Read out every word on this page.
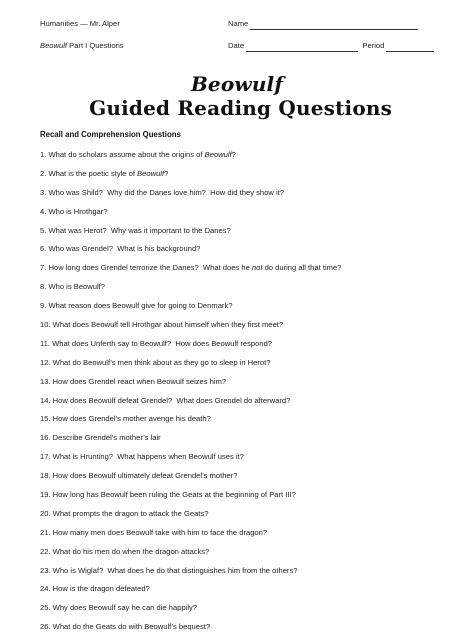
Humanities — Mr. Alper
Beowulf Part I Questions
Name
Date	Period
Beowulf Guided Reading Questions
Recall and Comprehension Questions
1. What do scholars assume about the origins of Beowulf?
2. What is the poetic style of Beowulf?
3. Who was Shild?  Why did the Danes love him?  How did they show it?
4. Who is Hrothgar?
5. What was Herot?  Why was it important to the Danes?
6. Who was Grendel?  What is his background?
7. How long does Grendel terrorize the Danes?  What does he not do during all that time?
8. Who is Beowulf?
9. What reason does Beowulf give for going to Denmark?
10. What does Beowulf tell Hrothgar about himself when they first meet?
11. What does Unferth say to Beowulf?  How does Beowulf respond?
12. What do Beowulf’s men think about as they go to sleep in Herot?
13. How does Grendel react when Beowulf seizes him?
14. How does Beowulf defeat Grendel?  What does Grendel do afterward?
15. How does Grendel’s mother avenge his death?
16. Describe Grendel’s mother’s lair
17. What is Hrunting?  What happens when Beowulf uses it?
18. How does Beowulf ultimately defeat Grendel’s mother?
19. How long has Beowulf been ruling the Geats at the beginning of Part III?
20. What prompts the dragon to attack the Geats?
21. How many men does Beowulf take with him to face the dragon?
22. What do his men do when the dragon attacks?
23. Who is Wiglaf?  What does he do that distinguishes him from the others?
24. How is the dragon defeated?
25. Why does Beowulf say he can die happily?
26. What do the Geats do with Beowulf’s bequest?
